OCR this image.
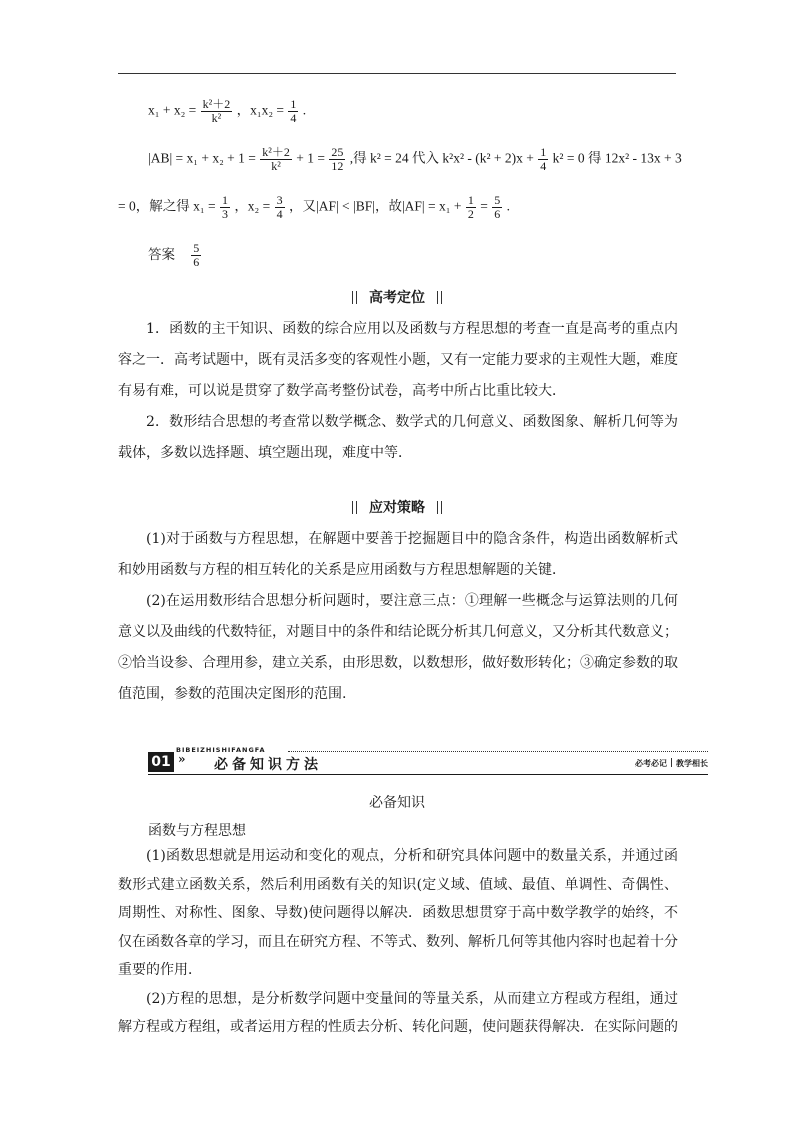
$x_1 + x_2 = \frac{\text{k²＋2}}{\text{k²}}$ ，$x_1x_2 = \frac{1}{4}$ .
$|AB| = x_1 + x_2 + 1 = \frac{\text{k²＋2}}{\text{k²}} + 1 = \frac{25}{12}$ ,得 k² = 24 代入 $k^2x^2 - (k^2 + 2)x + \frac{1}{4} k^2 = 0$ 得 12x² - 13x + 3
= 0，解之得 $x_1 = \frac{1}{3}$ ，$x_2 = \frac{3}{4}$ ，又|AF| < |BF|，故$|AF| = x_1 + \frac{1}{2} = \frac{5}{6}$ .
答案 $\frac{5}{6}$
高考定位

1．函数的主干知识、函数的综合应用以及函数与方程思想的考查一直是高考的重点内容之一．高考试题中，既有灵活多变的客观性小题，又有一定能力要求的主观性大题，难度有易有难，可以说是贯穿了数学高考整份试卷，高考中所占比重比较大．

2．数形结合思想的考查常以数学概念、数学式的几何意义、函数图象、解析几何等为载体，多数以选择题、填空题出现，难度中等．

应对策略

(1)对于函数与方程思想，在解题中要善于挖掘题目中的隐含条件，构造出函数解析式和妙用函数与方程的相互转化的关系是应用函数与方程思想解题的关键．

(2)在运用数形结合思想分析问题时，要注意三点：①理解一些概念与运算法则的几何意义以及曲线的代数特征，对题目中的条件和结论既分析其几何意义，又分析其代数意义；②恰当设参、合理用参，建立关系，由形思数，以数想形，做好数形转化；③确定参数的取值范围，参数的范围决定图形的范围.

BIBEIZHISHIFANGFA
01 » 必备知识方法	必考必记 教学相长
必备知识
函数与方程思想

(1)函数思想就是用运动和变化的观点，分析和研究具体问题中的数量关系，并通过函数形式建立函数关系，然后利用函数有关的知识(定义域、值域、最值、单调性、奇偶性、周期性、对称性、图象、导数)使问题得以解决．函数思想贯穿于高中数学教学的始终，不仅在函数各章的学习，而且在研究方程、不等式、数列、解析几何等其他内容时也起着十分重要的作用．

(2)方程的思想，是分析数学问题中变量间的等量关系，从而建立方程或方程组，通过解方程或方程组，或者运用方程的性质去分析、转化问题，使问题获得解决．在实际问题的
